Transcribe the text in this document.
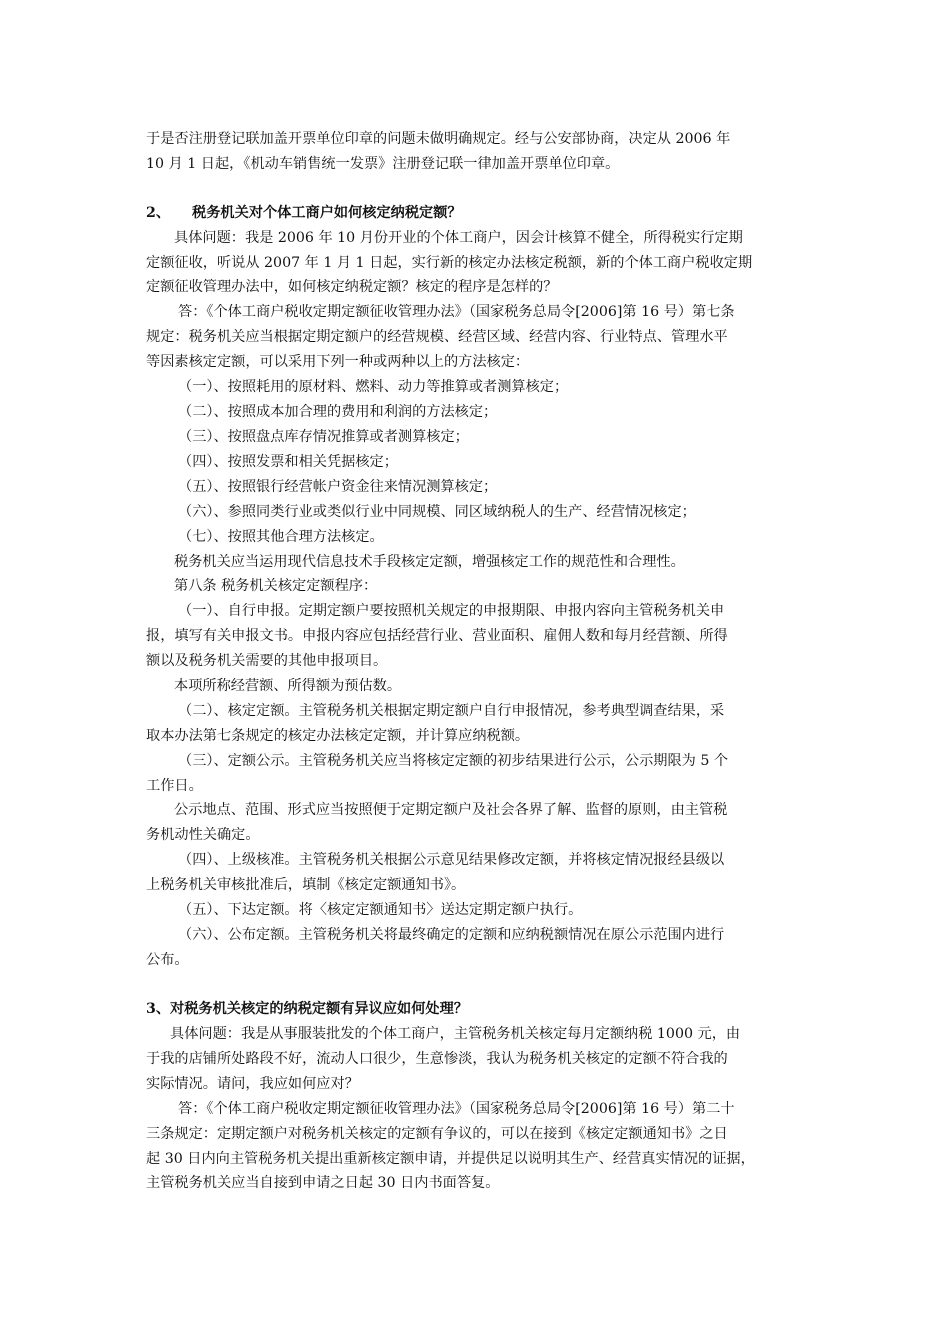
于是否注册登记联加盖开票单位印章的问题未做明确规定。经与公安部协商，决定从 2006 年
10 月 1 日起，《机动车销售统一发票》注册登记联一律加盖开票单位印章。
2、 税务机关对个体工商户如何核定纳税定额？
具体问题：我是 2006 年 10 月份开业的个体工商户，因会计核算不健全，所得税实行定期
定额征收，听说从 2007 年 1 月 1 日起，实行新的核定办法核定税额，新的个体工商户税收定期
定额征收管理办法中，如何核定纳税定额？核定的程序是怎样的？
答：《个体工商户税收定期定额征收管理办法》（国家税务总局令[2006]第 16 号）第七条
规定：税务机关应当根据定期定额户的经营规模、经营区域、经营内容、行业特点、管理水平
等因素核定定额，可以采用下列一种或两种以上的方法核定：
（一）、按照耗用的原材料、燃料、动力等推算或者测算核定；
（二）、按照成本加合理的费用和利润的方法核定；
（三）、按照盘点库存情况推算或者测算核定；
（四）、按照发票和相关凭据核定；
（五）、按照银行经营帐户资金往来情况测算核定；
（六）、参照同类行业或类似行业中同规模、同区域纳税人的生产、经营情况核定；
（七）、按照其他合理方法核定。
税务机关应当运用现代信息技术手段核定定额，增强核定工作的规范性和合理性。
第八条 税务机关核定定额程序：
（一）、自行申报。定期定额户要按照机关规定的申报期限、申报内容向主管税务机关申
报，填写有关申报文书。申报内容应包括经营行业、营业面积、雇佣人数和每月经营额、所得
额以及税务机关需要的其他申报项目。
本项所称经营额、所得额为预估数。
（二）、核定定额。主管税务机关根据定期定额户自行申报情况，参考典型调查结果，采
取本办法第七条规定的核定办法核定定额，并计算应纳税额。
（三）、定额公示。主管税务机关应当将核定定额的初步结果进行公示，公示期限为 5 个
工作日。
公示地点、范围、形式应当按照便于定期定额户及社会各界了解、监督的原则，由主管税
务机动性关确定。
（四）、上级核准。主管税务机关根据公示意见结果修改定额，并将核定情况报经县级以
上税务机关审核批准后，填制《核定定额通知书》。
（五）、下达定额。将〈核定定额通知书〉送达定期定额户执行。
（六）、公布定额。主管税务机关将最终确定的定额和应纳税额情况在原公示范围内进行
公布。
3、对税务机关核定的纳税定额有异议应如何处理？
具体问题：我是从事服装批发的个体工商户，主管税务机关核定每月定额纳税 1000 元，由
于我的店铺所处路段不好，流动人口很少，生意惨淡，我认为税务机关核定的定额不符合我的
实际情况。请问，我应如何应对？
答：《个体工商户税收定期定额征收管理办法》（国家税务总局令[2006]第 16 号）第二十
三条规定：定期定额户对税务机关核定的定额有争议的，可以在接到《核定定额通知书》之日
起 30 日内向主管税务机关提出重新核定额申请，并提供足以说明其生产、经营真实情况的证据，
主管税务机关应当自接到申请之日起 30 日内书面答复。
